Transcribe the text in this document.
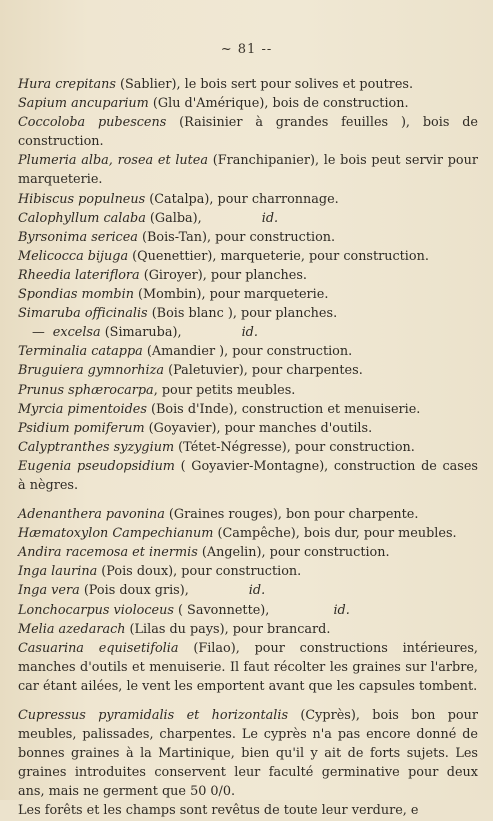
~ 81 --
Hura crepitans (Sablier), le bois sert pour solives et poutres.
Sapium ancuparium (Glu d'Amérique), bois de construction.
Coccoloba pubescens (Raisinier à grandes feuilles ), bois de construction.
Plumeria alba, rosea et lutea (Franchipanier), le bois peut servir pour marqueterie.
Hibiscus populneus (Catalpa), pour charronnage.
Calophyllum calaba (Galba),	id.
Byrsonima sericea (Bois-Tan), pour construction.
Melicocca bijuga (Quenettier), marqueterie, pour construction.
Rheedia lateriflora (Giroyer), pour planches.
Spondias mombin (Mombin), pour marqueterie.
Simaruba officinalis (Bois blanc ), pour planches.
— excelsa (Simaruba),	id.
Terminalia catappa (Amandier ), pour construction.
Bruguiera gymnorhiza (Paletuvier), pour charpentes.
Prunus sphærocarpa, pour petits meubles.
Myrcia pimentoides (Bois d'Inde), construction et menuiserie.
Psidium pomiferum (Goyavier), pour manches d'outils.
Calyptranthes syzygium (Tétet-Négresse), pour construction.
Eugenia pseudopsidium ( Goyavier-Montagne), construction de cases à nègres.
Adenanthera pavonina (Graines rouges), bon pour charpente.
Hæmatoxylon Campechianum (Campêche), bois dur, pour meubles.
Andira racemosa et inermis (Angelin), pour construction.
Inga laurina (Pois doux), pour construction.
Inga vera (Pois doux gris),	id.
Lonchocarpus violoceus ( Savonnette),	id.
Melia azedarach (Lilas du pays), pour brancard.
Casuarina equisetifolia (Filao), pour constructions intérieures, manches d'outils et menuiserie. Il faut récolter les graines sur l'arbre, car étant ailées, le vent les emportent avant que les capsules tombent.
Cupressus pyramidalis et horizontalis (Cyprès), bois bon pour meubles, palissades, charpentes. Le cyprès n'a pas encore donné de bonnes graines à la Martinique, bien qu'il y ait de forts sujets. Les graines introduites conservent leur faculté germinative pour deux ans, mais ne germent que 50 0/0.
Les forêts et les champs sont revêtus de toute leur verdure, e
